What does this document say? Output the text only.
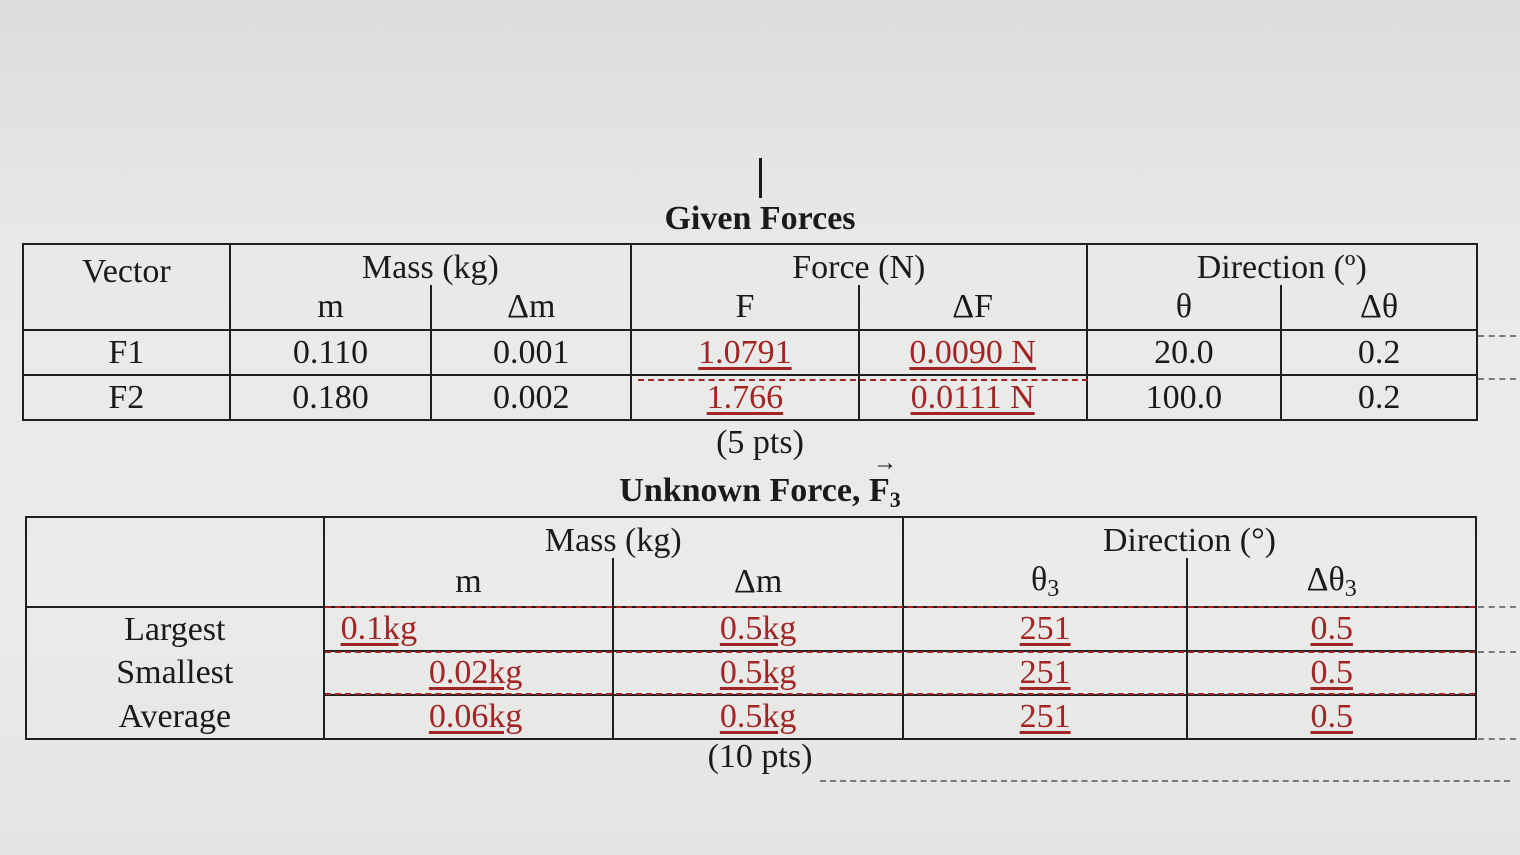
Given Forces
Vector	Mass (kg)		Force (N)		Direction (º)	
	m	Δm	F	ΔF	θ	Δθ
F1	0.110	0.001	1.0791	0.0090 N	20.0	0.2
F2	0.180	0.002	1.766	0.0111 N	100.0	0.2
(5 pts)
Unknown Force, F3
→
	Mass (kg)		Direction (°)	
	m	Δm	θ3	Δθ3
Largest	0.1kg	0.5kg	251	0.5
Smallest	0.02kg	0.5kg	251	0.5
Average	0.06kg	0.5kg	251	0.5
(10 pts)
